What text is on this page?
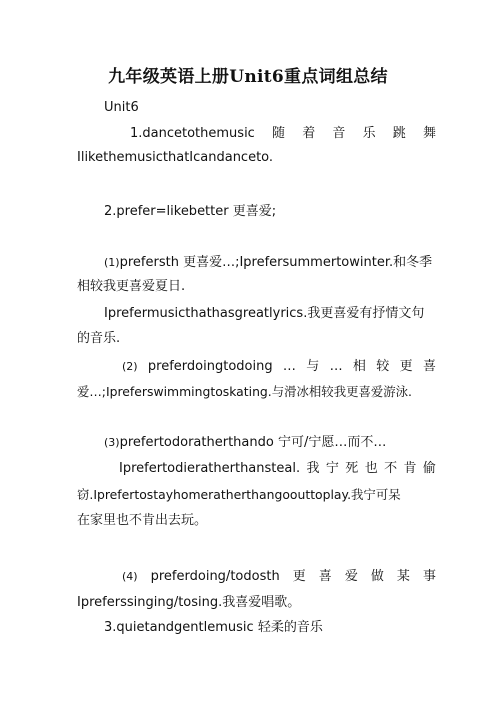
九年级英语上册Unit6重点词组总结
Unit6
1.dancetothemusic 随 着 音 乐 跳 舞
IlikethemusicthatIcandanceto.
2.prefer=likebetter 更喜爱;
(1)prefersth 更喜爱…;Iprefersummertowinter.和冬季
相较我更喜爱夏日.
Iprefermusicthathasgreatlyrics.我更喜爱有抒情文句
的音乐.
(2) preferdoingtodoing … 与 … 相 较 更 喜
爱…;Ipreferswimmingtoskating.与滑冰相较我更喜爱游泳.
(3)prefertodoratherthando 宁可/宁愿…而不…
Iprefertodieratherthansteal. 我 宁 死 也 不 肯 偷
窃.Iprefertostayhomeratherthangoouttoplay.我宁可呆
在家里也不肯出去玩。
(4) preferdoing/todosth 更 喜 爱 做 某 事
Ipreferssinging/tosing.我喜爱唱歌。
3.quietandgentlemusic 轻柔的音乐
